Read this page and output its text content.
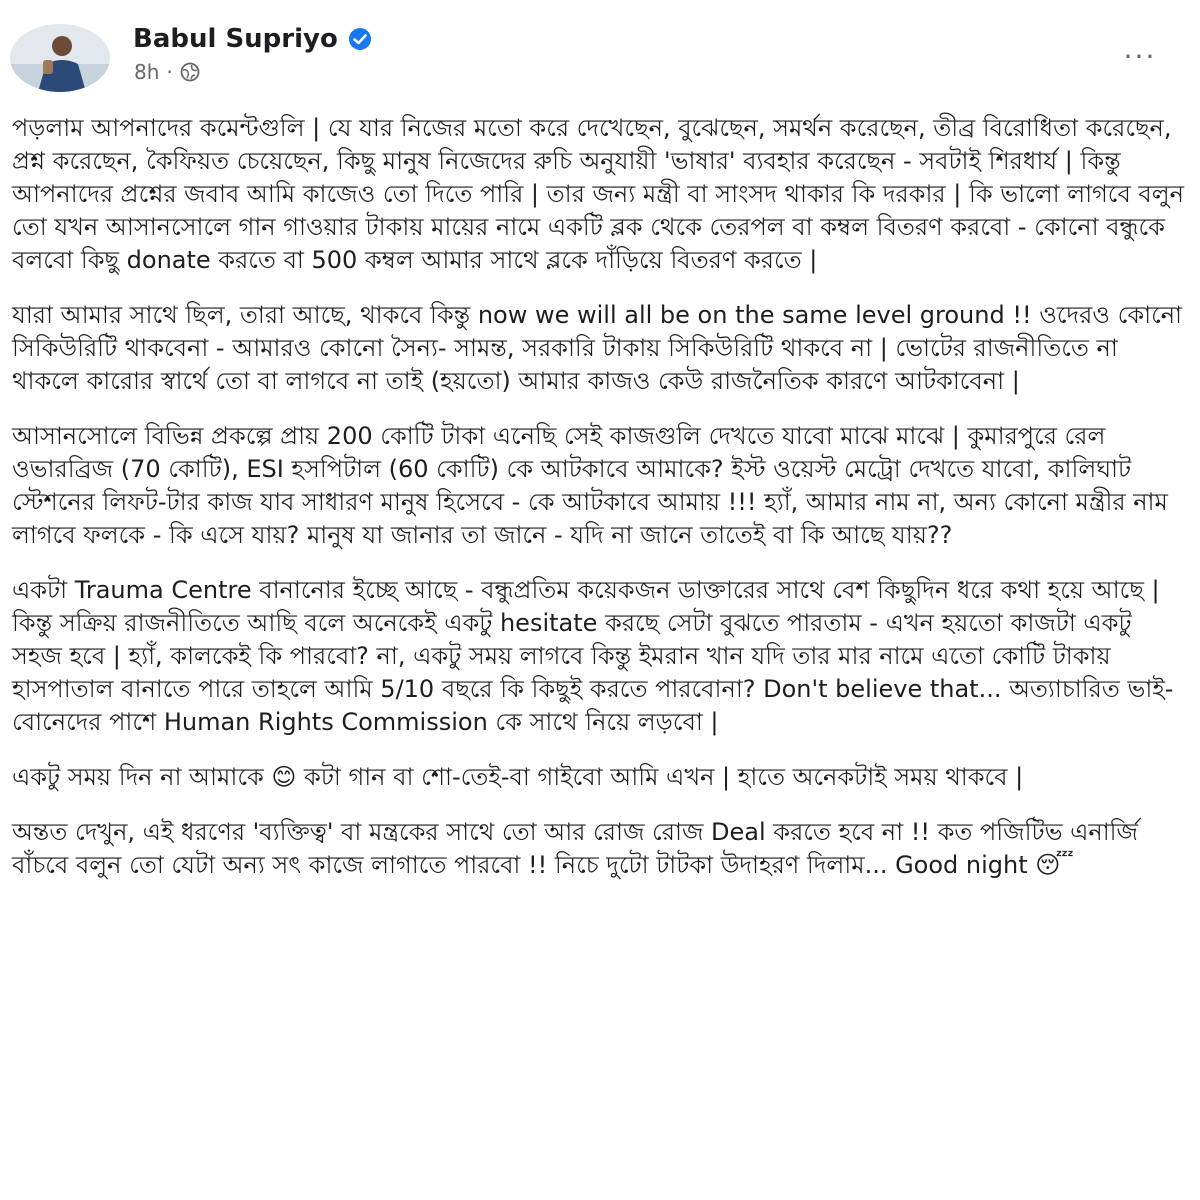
Babul Supriyo
8h ·	···

পড়লাম আপনাদের কমেন্টগুলি | যে যার নিজের মতো করে দেখেছেন, বুঝেছেন, সমর্থন করেছেন, তীব্র বিরোধিতা করেছেন, প্রশ্ন করেছেন, কৈফিয়ত চেয়েছেন, কিছু মানুষ নিজেদের রুচি অনুযায়ী 'ভাষার' ব্যবহার করেছেন - সবটাই শিরধার্য | কিন্তু আপনাদের প্রশ্নের জবাব আমি কাজেও তো দিতে পারি | তার জন্য মন্ত্রী বা সাংসদ থাকার কি দরকার | কি ভালো লাগবে বলুন তো যখন আসানসোলে গান গাওয়ার টাকায় মায়ের নামে একটি ব্লক থেকে তেরপল বা কম্বল বিতরণ করবো - কোনো বন্ধুকে বলবো কিছু donate করতে বা 500 কম্বল আমার সাথে ব্লকে দাঁড়িয়ে বিতরণ করতে |

যারা আমার সাথে ছিল, তারা আছে, থাকবে কিন্তু now we will all be on the same level ground !! ওদেরও কোনো সিকিউরিটি থাকবেনা - আমারও কোনো সৈন্য- সামন্ত, সরকারি টাকায় সিকিউরিটি থাকবে না | ভোটের রাজনীতিতে না থাকলে কারোর স্বার্থে তো বা লাগবে না তাই (হয়তো) আমার কাজও কেউ রাজনৈতিক কারণে আটকাবেনা |

আসানসোলে বিভিন্ন প্রকল্পে প্রায় 200 কোটি টাকা এনেছি সেই কাজগুলি দেখতে যাবো মাঝে মাঝে | কুমারপুরে রেল ওভারব্রিজ (70 কোটি), ESI হসপিটাল (60 কোটি) কে আটকাবে আমাকে? ইস্ট ওয়েস্ট মেট্রো দেখতে যাবো, কালিঘাট স্টেশনের লিফট-টার কাজ যাব সাধারণ মানুষ হিসেবে - কে আটকাবে আমায় !!! হ্যাঁ, আমার নাম না, অন্য কোনো মন্ত্রীর নাম লাগবে ফলকে - কি এসে যায়? মানুষ যা জানার তা জানে - যদি না জানে তাতেই বা কি আছে যায়??

একটা Trauma Centre বানানোর ইচ্ছে আছে - বন্ধুপ্রতিম কয়েকজন ডাক্তারের সাথে বেশ কিছুদিন ধরে কথা হয়ে আছে | কিন্তু সক্রিয় রাজনীতিতে আছি বলে অনেকেই একটু hesitate করছে সেটা বুঝতে পারতাম - এখন হয়তো কাজটা একটু সহজ হবে | হ্যাঁ, কালকেই কি পারবো? না, একটু সময় লাগবে কিন্তু ইমরান খান যদি তার মার নামে এতো কোটি টাকায় হাসপাতাল বানাতে পারে তাহলে আমি 5/10 বছরে কি কিছুই করতে পারবোনা? Don't believe that... অত্যাচারিত ভাই-বোনেদের পাশে Human Rights Commission কে সাথে নিয়ে লড়বো |

একটু সময় দিন না আমাকে 😊 কটা গান বা শো-তেই-বা গাইবো আমি এখন | হাতে অনেকটাই সময় থাকবে |

অন্তত দেখুন, এই ধরণের 'ব্যক্তিত্ব' বা মন্ত্রকের সাথে তো আর রোজ রোজ Deal করতে হবে না !! কত পজিটিভ এনার্জি বাঁচবে বলুন তো যেটা অন্য সৎ কাজে লাগাতে পারবো !! নিচে দুটো টাটকা উদাহরণ দিলাম... Good night 😴
